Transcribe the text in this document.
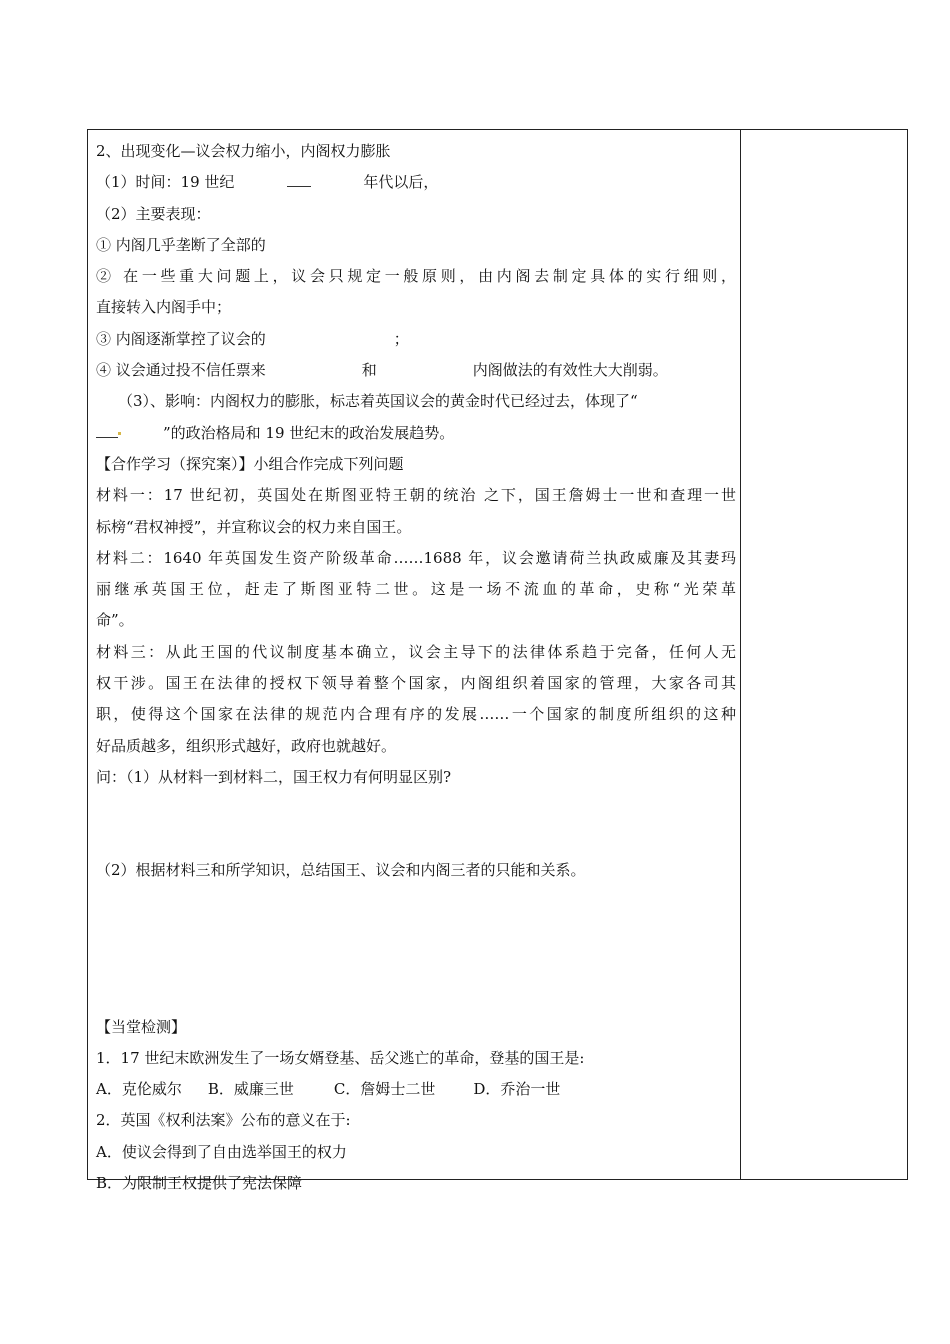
2、出现变化—议会权力缩小，内阁权力膨胀
（1）时间：19 世纪	年代以后，
（2）主要表现：
① 内阁几乎垄断了全部的
② 在一些重大问题上，议会只规定一般原则，由内阁去制定具体的实行细则，
直接转入内阁手中；
③ 内阁逐渐掌控了议会的	；
④ 议会通过投不信任票来	和	内阁做法的有效性大大削弱。
（3）、影响：内阁权力的膨胀，标志着英国议会的黄金时代已经过去，体现了“
”的政治格局和 19 世纪末的政治发展趋势。
【合作学习（探究案）】小组合作完成下列问题
材料一：17 世纪初，英国处在斯图亚特王朝的统治 之下，国王詹姆士一世和查理一世
标榜“君权神授”，并宣称议会的权力来自国王。
材料二：1640 年英国发生资产阶级革命……1688 年，议会邀请荷兰执政威廉及其妻玛
丽继承英国王位，赶走了斯图亚特二世。这是一场不流血的革命，史称“光荣革
命”。
材料三：从此王国的代议制度基本确立，议会主导下的法律体系趋于完备，任何人无
权干涉。国王在法律的授权下领导着整个国家，内阁组织着国家的管理，大家各司其
职，使得这个国家在法律的规范内合理有序的发展……一个国家的制度所组织的这种
好品质越多，组织形式越好，政府也就越好。
问：（1）从材料一到材料二，国王权力有何明显区别?
（2）根据材料三和所学知识，总结国王、议会和内阁三者的只能和关系。
【当堂检测】
1．17 世纪末欧洲发生了一场女婿登基、岳父逃亡的革命，登基的国王是:
A．克伦威尔 B．威廉三世	C．詹姆士二世	D．乔治一世
2．英国《权利法案》公布的意义在于:
A．使议会得到了自由选举国王的权力
B．为限制王权提供了宪法保障
